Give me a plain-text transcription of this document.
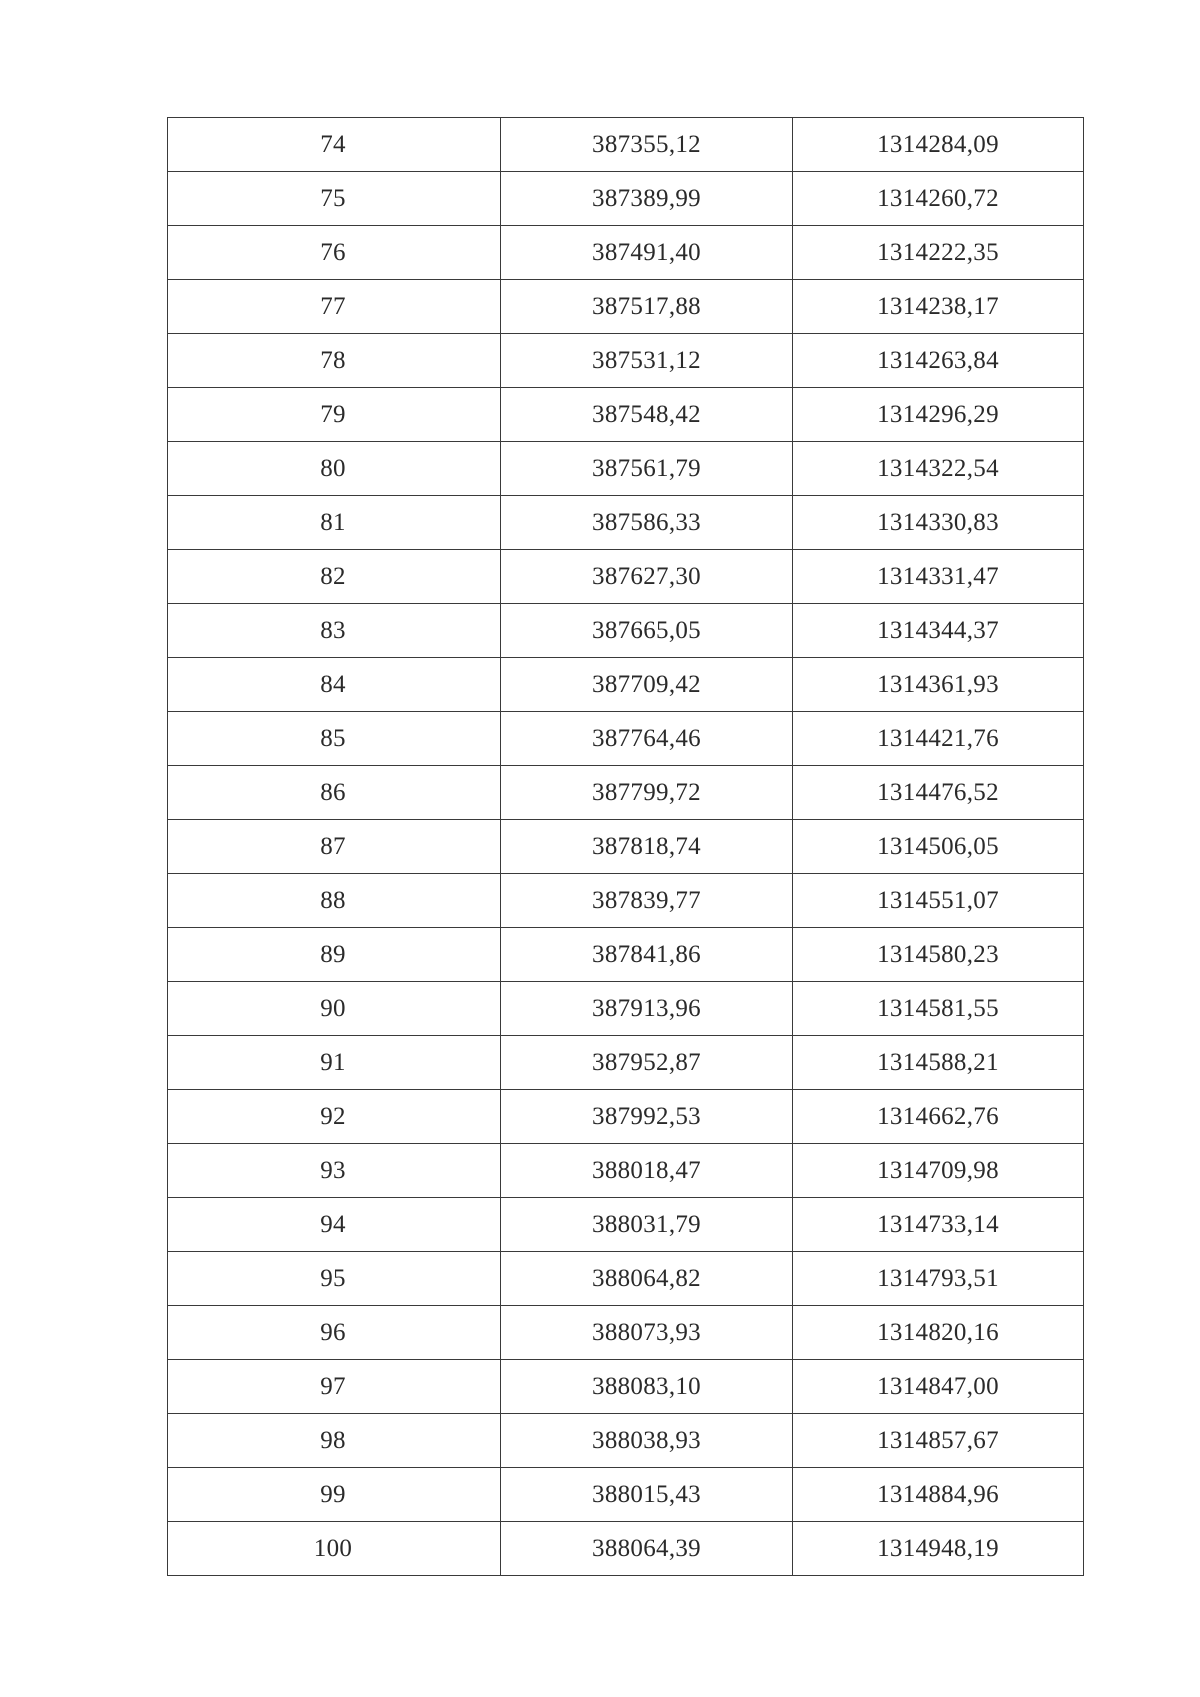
74	387355,12	1314284,09
75	387389,99	1314260,72
76	387491,40	1314222,35
77	387517,88	1314238,17
78	387531,12	1314263,84
79	387548,42	1314296,29
80	387561,79	1314322,54
81	387586,33	1314330,83
82	387627,30	1314331,47
83	387665,05	1314344,37
84	387709,42	1314361,93
85	387764,46	1314421,76
86	387799,72	1314476,52
87	387818,74	1314506,05
88	387839,77	1314551,07
89	387841,86	1314580,23
90	387913,96	1314581,55
91	387952,87	1314588,21
92	387992,53	1314662,76
93	388018,47	1314709,98
94	388031,79	1314733,14
95	388064,82	1314793,51
96	388073,93	1314820,16
97	388083,10	1314847,00
98	388038,93	1314857,67
99	388015,43	1314884,96
100	388064,39	1314948,19
